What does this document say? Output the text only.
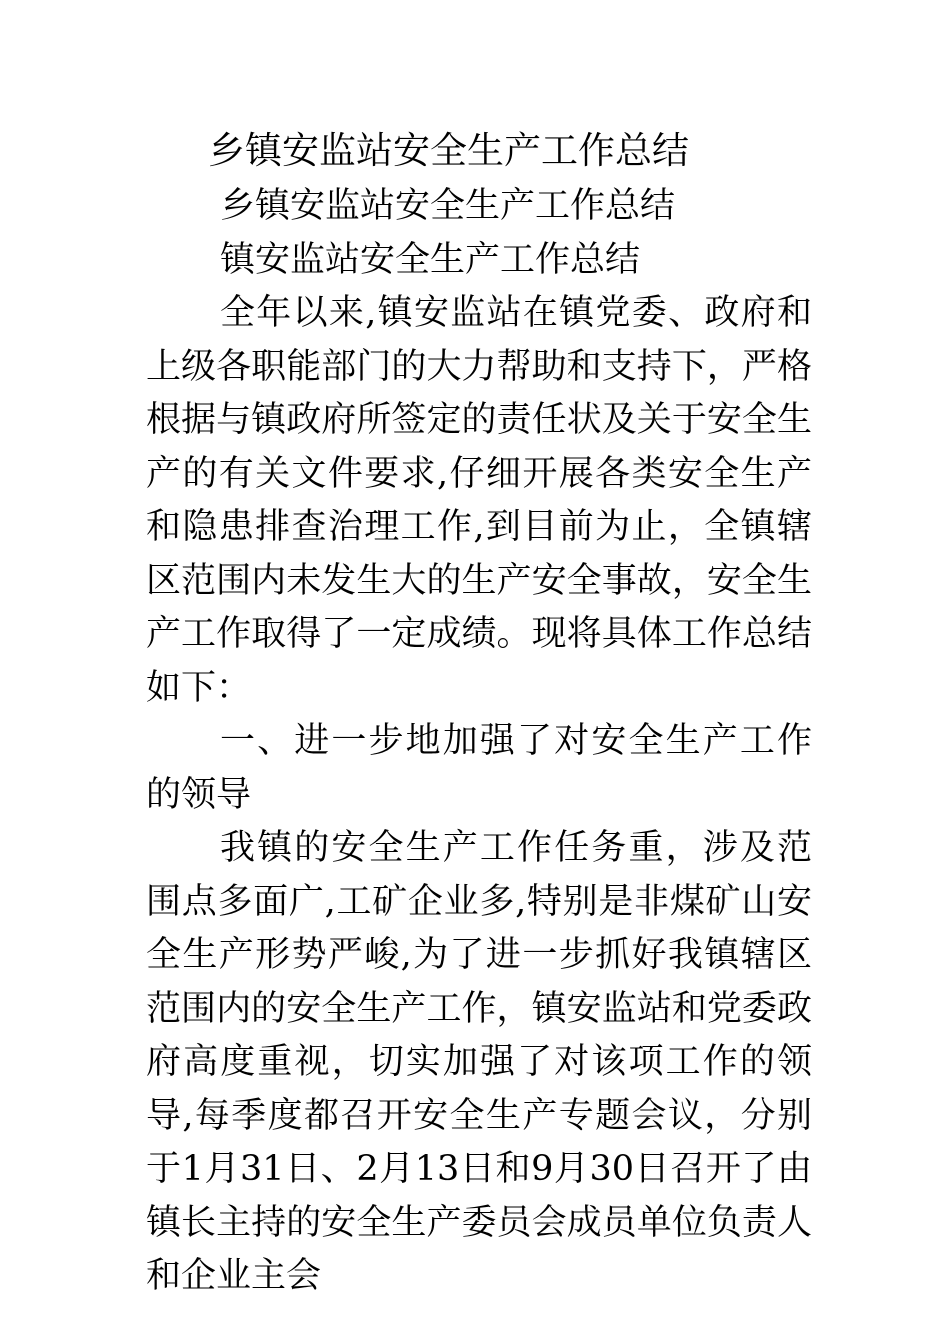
乡镇安监站安全生产工作总结

乡镇安监站安全生产工作总结

镇安监站安全生产工作总结

全年以来,镇安监站在镇党委、政府和上级各职能部门的大力帮助和支持下，严格根据与镇政府所签定的责任状及关于安全生产的有关文件要求,仔细开展各类安全生产和隐患排查治理工作,到目前为止，全镇辖区范围内未发生大的生产安全事故，安全生产工作取得了一定成绩。现将具体工作总结如下：

一、进一步地加强了对安全生产工作的领导

我镇的安全生产工作任务重，涉及范围点多面广,工矿企业多,特别是非煤矿山安全生产形势严峻,为了进一步抓好我镇辖区范围内的安全生产工作，镇安监站和党委政府高度重视，切实加强了对该项工作的领导,每季度都召开安全生产专题会议，分别于1月31日、2月13日和9月30日召开了由镇长主持的安全生产委员会成员单位负责人和企业主会
